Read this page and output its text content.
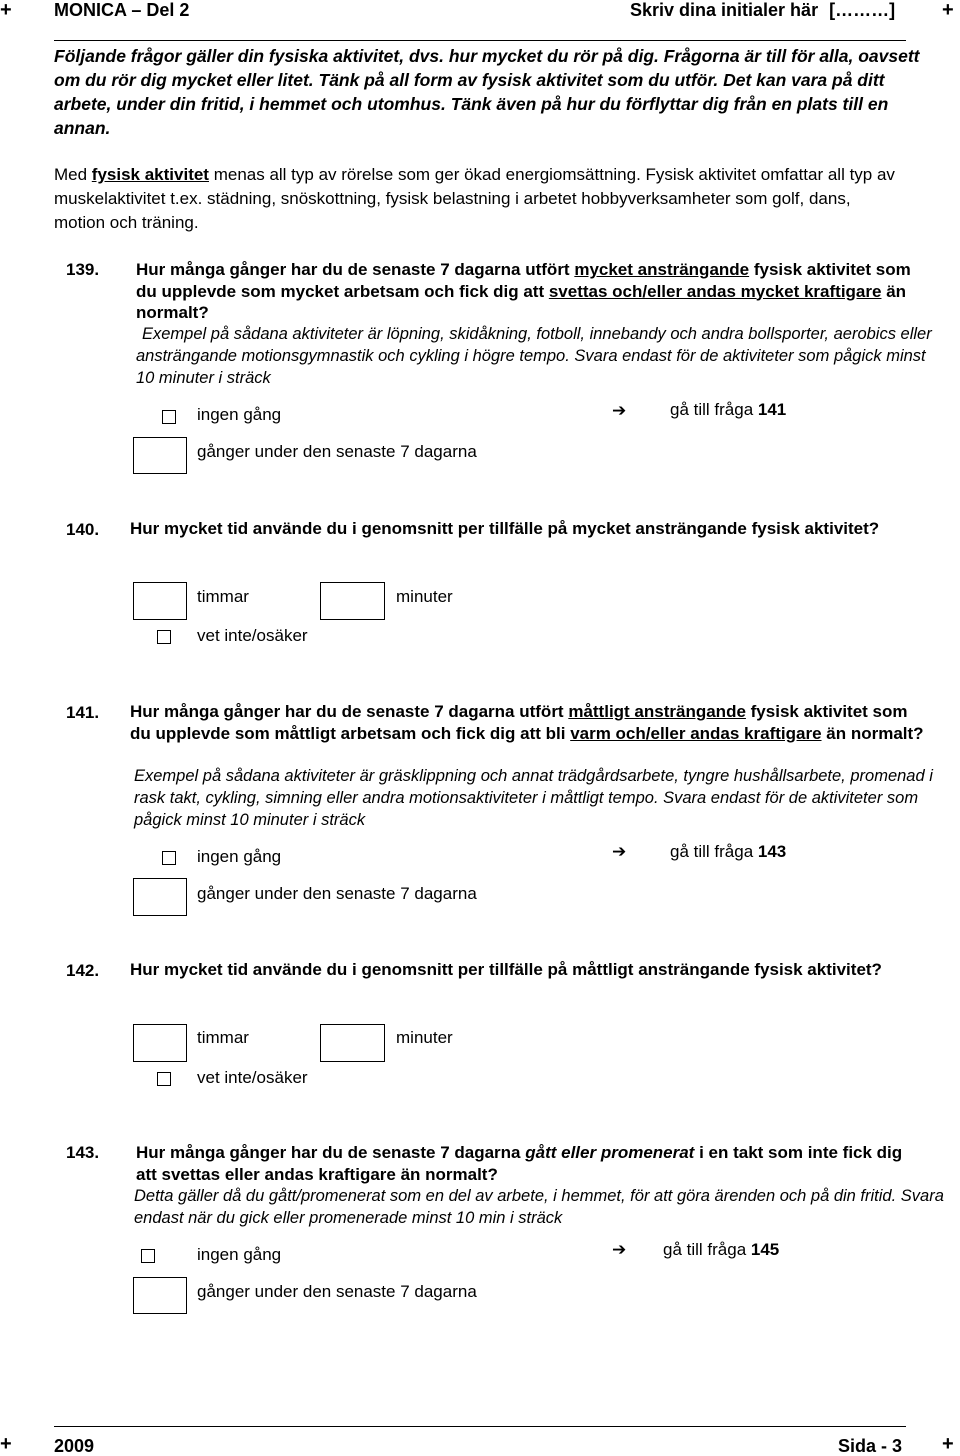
+ MONICA – Del 2	Skriv dina initialer här [………] +
Följande frågor gäller din fysiska aktivitet, dvs. hur mycket du rör på dig. Frågorna är till för alla, oavsett om du rör dig mycket eller litet. Tänk på all form av fysisk aktivitet som du utför. Det kan vara på ditt arbete, under din fritid, i hemmet och utomhus. Tänk även på hur du förflyttar dig från en plats till en annan.
Med fysisk aktivitet menas all typ av rörelse som ger ökad energiomsättning. Fysisk aktivitet omfattar all typ av muskelaktivitet t.ex. städning, snöskottning, fysisk belastning i arbetet hobbyverksamheter som golf, dans, motion och träning.
139. Hur många gånger har du de senaste 7 dagarna utfört mycket ansträngande fysisk aktivitet som du upplevde som mycket arbetsam och fick dig att svettas och/eller andas mycket kraftigare än normalt?
Exempel på sådana aktiviteter är löpning, skidåkning, fotboll, innebandy och andra bollsporter, aerobics eller ansträngande motionsgymnastik och cykling i högre tempo. Svara endast för de aktiviteter som pågick minst 10 minuter i sträck
ingen gång	➔	gå till fråga 141
gånger under den senaste 7 dagarna
140. Hur mycket tid använde du i genomsnitt per tillfälle på mycket ansträngande fysisk aktivitet?
timmar	minuter
vet inte/osäker
141. Hur många gånger har du de senaste 7 dagarna utfört måttligt ansträngande fysisk aktivitet som du upplevde som måttligt arbetsam och fick dig att bli varm och/eller andas kraftigare än normalt?
Exempel på sådana aktiviteter är gräsklippning och annat trädgårdsarbete, tyngre hushållsarbete, promenad i rask takt, cykling, simning eller andra motionsaktiviteter i måttligt tempo. Svara endast för de aktiviteter som pågick minst 10 minuter i sträck
ingen gång	➔	gå till fråga 143
gånger under den senaste 7 dagarna
142. Hur mycket tid använde du i genomsnitt per tillfälle på måttligt ansträngande fysisk aktivitet?
timmar	minuter
vet inte/osäker
143. Hur många gånger har du de senaste 7 dagarna gått eller promenerat i en takt som inte fick dig att svettas eller andas kraftigare än normalt?
Detta gäller då du gått/promenerat som en del av arbete, i hemmet, för att göra ärenden och på din fritid. Svara endast när du gick eller promenerade minst 10 min i sträck
ingen gång	➔ gå till fråga 145
gånger under den senaste 7 dagarna
+ 2009	Sida - 3 +
